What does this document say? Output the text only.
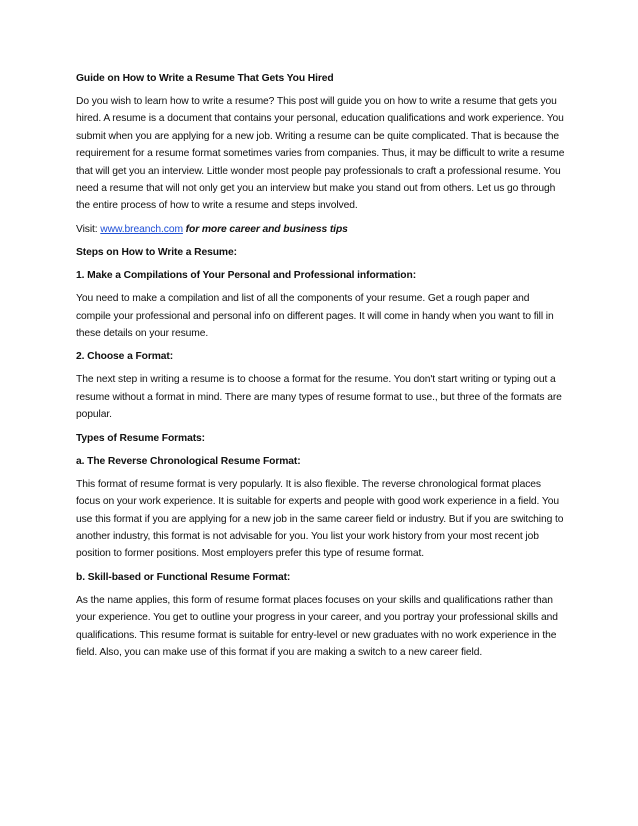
Guide on How to Write a Resume That Gets You Hired

Do you wish to learn how to write a resume? This post will guide you on how to write a resume that gets you hired. A resume is a document that contains your personal, education qualifications and work experience. You submit when you are applying for a new job. Writing a resume can be quite complicated. That is because the requirement for a resume format sometimes varies from companies. Thus, it may be difficult to write a resume that will get you an interview. Little wonder most people pay professionals to craft a professional resume. You need a resume that will not only get you an interview but make you stand out from others. Let us go through the entire process of how to write a resume and steps involved.

Visit: www.breanch.com for more career and business tips

Steps on How to Write a Resume:

1. Make a Compilations of Your Personal and Professional information:

You need to make a compilation and list of all the components of your resume. Get a rough paper and compile your professional and personal info on different pages. It will come in handy when you want to fill in these details on your resume.

2. Choose a Format:

The next step in writing a resume is to choose a format for the resume. You don't start writing or typing out a resume without a format in mind. There are many types of resume format to use., but three of the formats are popular.

Types of Resume Formats:

a. The Reverse Chronological Resume Format:

This format of resume format is very popularly. It is also flexible. The reverse chronological format places focus on your work experience. It is suitable for experts and people with good work experience in a field. You use this format if you are applying for a new job in the same career field or industry. But if you are switching to another industry, this format is not advisable for you. You list your work history from your most recent job position to former positions. Most employers prefer this type of resume format.

b. Skill-based or Functional Resume Format:

As the name applies, this form of resume format places focuses on your skills and qualifications rather than your experience. You get to outline your progress in your career, and you portray your professional skills and qualifications. This resume format is suitable for entry-level or new graduates with no work experience in the field. Also, you can make use of this format if you are making a switch to a new career field.
